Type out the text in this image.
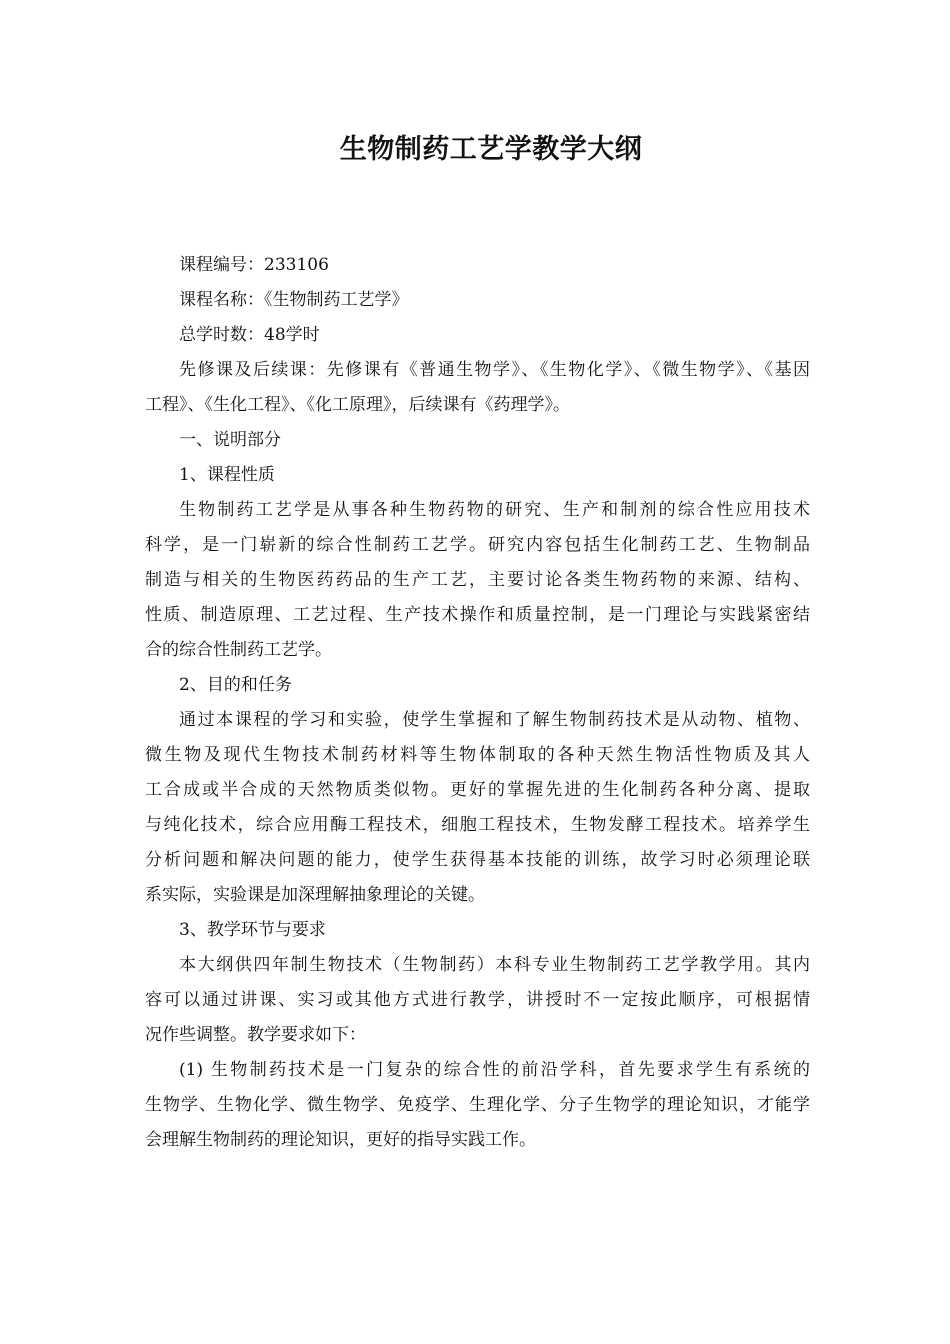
生物制药工艺学教学大纲

课程编号：233106

课程名称：《生物制药工艺学》

总学时数：48学时

先修课及后续课：先修课有《普通生物学》、《生物化学》、《微生物学》、《基因

工程》、《生化工程》、《化工原理》，后续课有《药理学》。

一、说明部分

1、课程性质

生物制药工艺学是从事各种生物药物的研究、生产和制剂的综合性应用技术

科学，是一门崭新的综合性制药工艺学。研究内容包括生化制药工艺、生物制品

制造与相关的生物医药药品的生产工艺，主要讨论各类生物药物的来源、结构、

性质、制造原理、工艺过程、生产技术操作和质量控制，是一门理论与实践紧密结

合的综合性制药工艺学。

2、目的和任务

通过本课程的学习和实验，使学生掌握和了解生物制药技术是从动物、植物、

微生物及现代生物技术制药材料等生物体制取的各种天然生物活性物质及其人

工合成或半合成的天然物质类似物。更好的掌握先进的生化制药各种分离、提取

与纯化技术，综合应用酶工程技术，细胞工程技术，生物发酵工程技术。培养学生

分析问题和解决问题的能力，使学生获得基本技能的训练，故学习时必须理论联

系实际，实验课是加深理解抽象理论的关键。

3、教学环节与要求

本大纲供四年制生物技术（生物制药）本科专业生物制药工艺学教学用。其内

容可以通过讲课、实习或其他方式进行教学，讲授时不一定按此顺序，可根据情

况作些调整。教学要求如下：

(1) 生物制药技术是一门复杂的综合性的前沿学科，首先要求学生有系统的

生物学、生物化学、微生物学、免疫学、生理化学、分子生物学的理论知识，才能学

会理解生物制药的理论知识，更好的指导实践工作。
